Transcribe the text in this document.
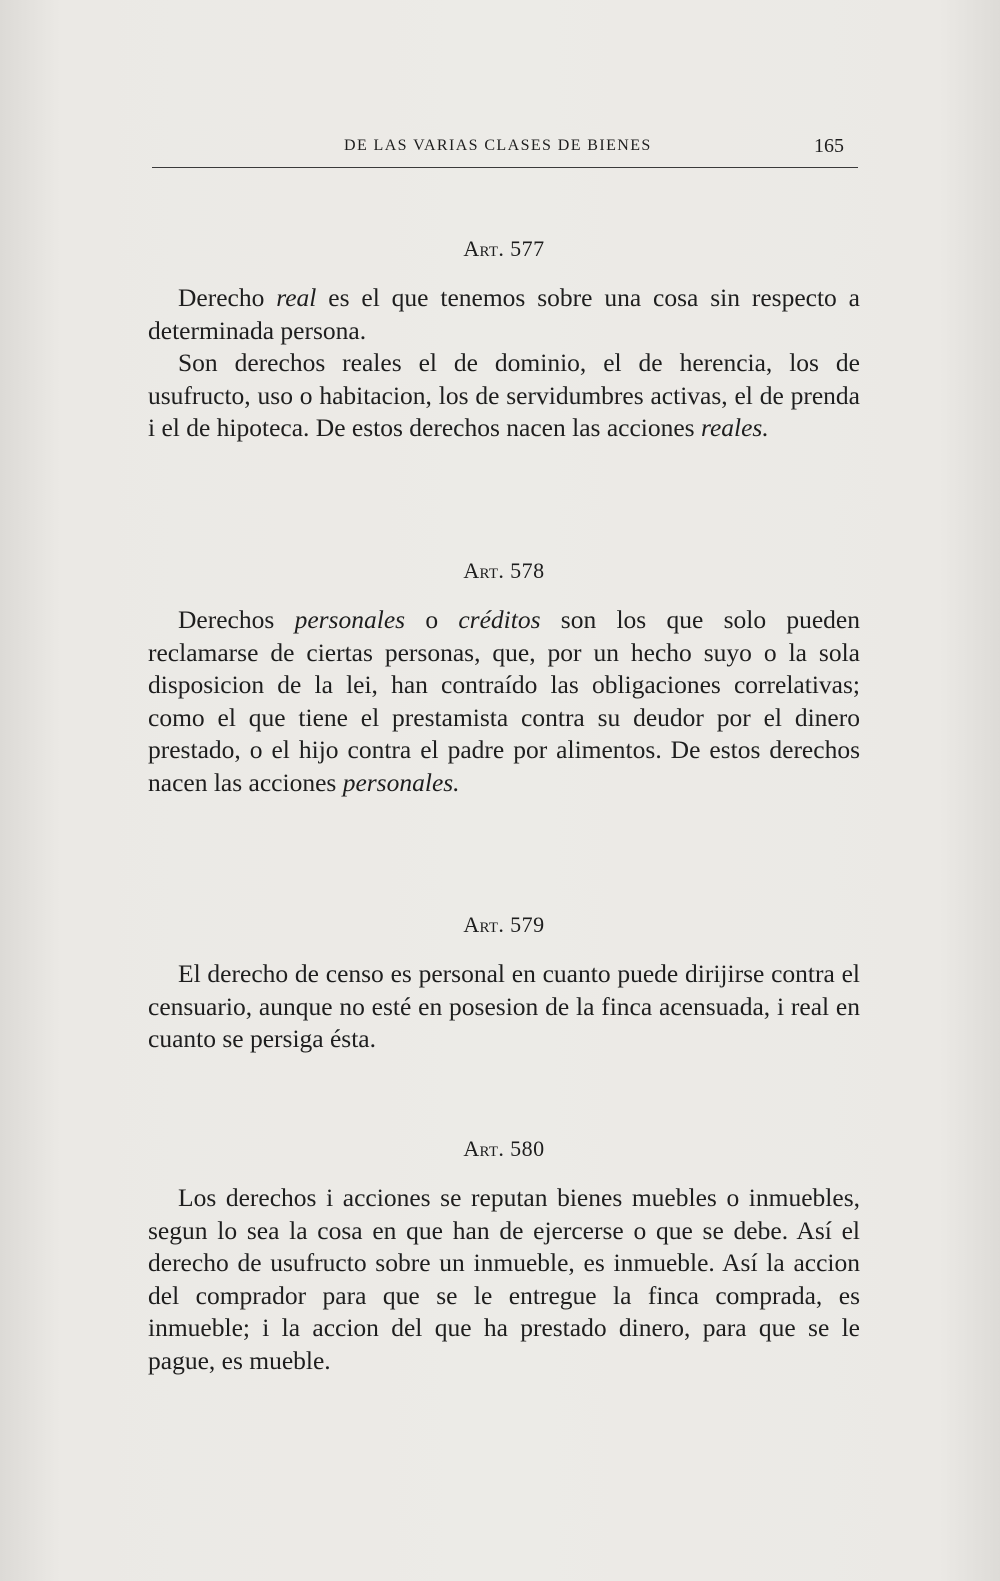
DE LAS VARIAS CLASES DE BIENES	165
Art. 577

Derecho real es el que tenemos sobre una cosa sin respecto a determinada persona.

Son derechos reales el de dominio, el de herencia, los de usufructo, uso o habitacion, los de servidumbres activas, el de prenda i el de hipoteca. De estos derechos nacen las acciones reales.

Art. 578

Derechos personales o créditos son los que solo pueden reclamarse de ciertas personas, que, por un hecho suyo o la sola disposicion de la lei, han contraído las obligaciones correlativas; como el que tiene el prestamista contra su deudor por el dinero prestado, o el hijo contra el padre por alimentos. De estos derechos nacen las acciones personales.

Art. 579

El derecho de censo es personal en cuanto puede dirijirse contra el censuario, aunque no esté en posesion de la finca acensuada, i real en cuanto se persiga ésta.

Art. 580

Los derechos i acciones se reputan bienes muebles o inmuebles, segun lo sea la cosa en que han de ejercerse o que se debe. Así el derecho de usufructo sobre un inmueble, es inmueble. Así la accion del comprador para que se le entregue la finca comprada, es inmueble; i la accion del que ha prestado dinero, para que se le pague, es mueble.
